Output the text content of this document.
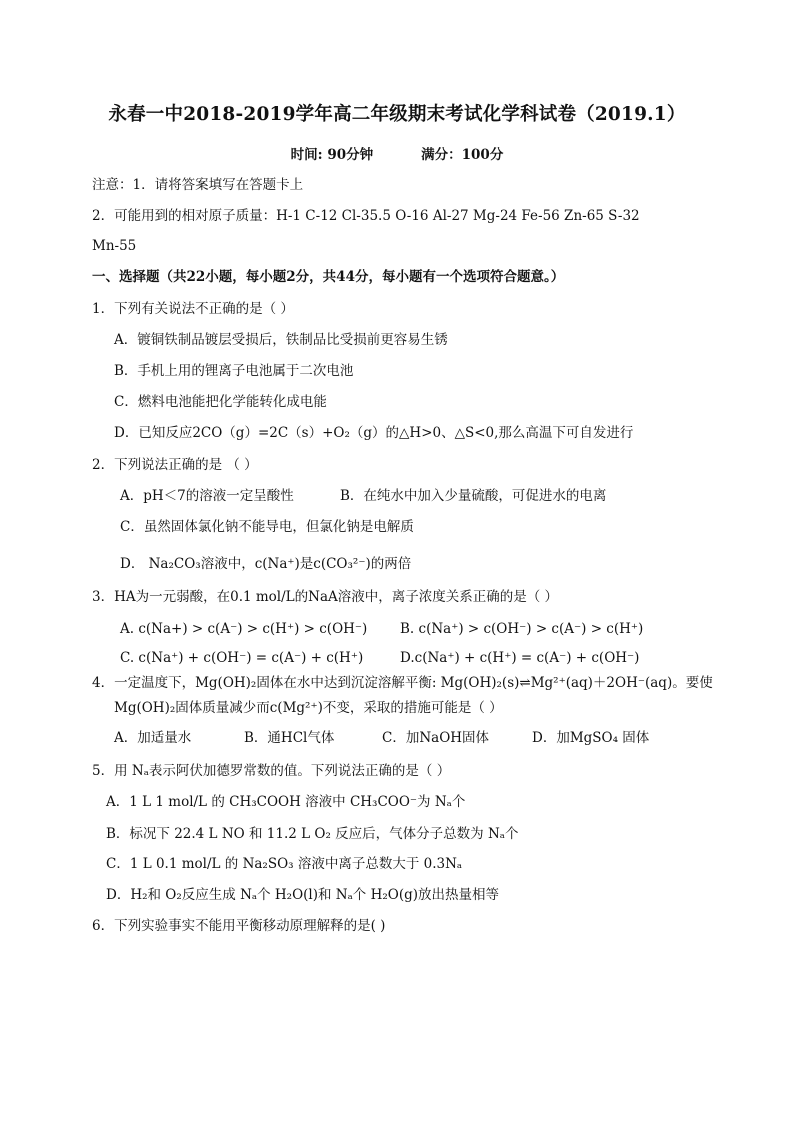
永春一中2018-2019学年高二年级期末考试化学科试卷（2019.1）
时间: 90分钟	满分：100分
注意：1．请将答案填写在答题卡上
2．可能用到的相对原子质量：H-1 C-12 Cl-35.5 O-16 Al-27 Mg-24 Fe-56 Zn-65 S-32
Mn-55
一、选择题（共22小题，每小题2分，共44分，每小题有一个选项符合题意。）
1．下列有关说法不正确的是（ ）
A．镀铜铁制品镀层受损后，铁制品比受损前更容易生锈
B．手机上用的锂离子电池属于二次电池
C．燃料电池能把化学能转化成电能
D．已知反应2CO（g）=2C（s）+O₂（g）的△H>0、△S<0,那么高温下可自发进行
2．下列说法正确的是 （ ）
A．pH＜7的溶液一定呈酸性	B．在纯水中加入少量硫酸，可促进水的电离
C．虽然固体氯化钠不能导电，但氯化钠是电解质
D． Na₂CO₃溶液中，c(Na⁺)是c(CO₃²⁻)的两倍
3．HA为一元弱酸，在0.1 mol/L的NaA溶液中，离子浓度关系正确的是（ ）
A. c(Na+) > c(A⁻) > c(H⁺) > c(OH⁻) B. c(Na⁺) > c(OH⁻) > c(A⁻) > c(H⁺)
C. c(Na⁺) + c(OH⁻) = c(A⁻) + c(H⁺)	D.c(Na⁺) + c(H⁺) = c(A⁻) + c(OH⁻)
4．一定温度下，Mg(OH)₂固体在水中达到沉淀溶解平衡: Mg(OH)₂(s)⇌Mg²⁺(aq)＋2OH⁻(aq)。要使
Mg(OH)₂固体质量减少而c(Mg²⁺)不变，采取的措施可能是（ ）
A．加适量水	B．通HCl气体	C．加NaOH固体	D．加MgSO₄ 固体
5．用 Nₐ表示阿伏加德罗常数的值。下列说法正确的是（ ）
A．1 L 1 mol/L 的 CH₃COOH 溶液中 CH₃COO⁻为 Nₐ个
B．标况下 22.4 L NO 和 11.2 L O₂ 反应后，气体分子总数为 Nₐ个
C．1 L 0.1 mol/L 的 Na₂SO₃ 溶液中离子总数大于 0.3Nₐ
D．H₂和 O₂反应生成 Nₐ个 H₂O(l)和 Nₐ个 H₂O(g)放出热量相等
6．下列实验事实不能用平衡移动原理解释的是( )
